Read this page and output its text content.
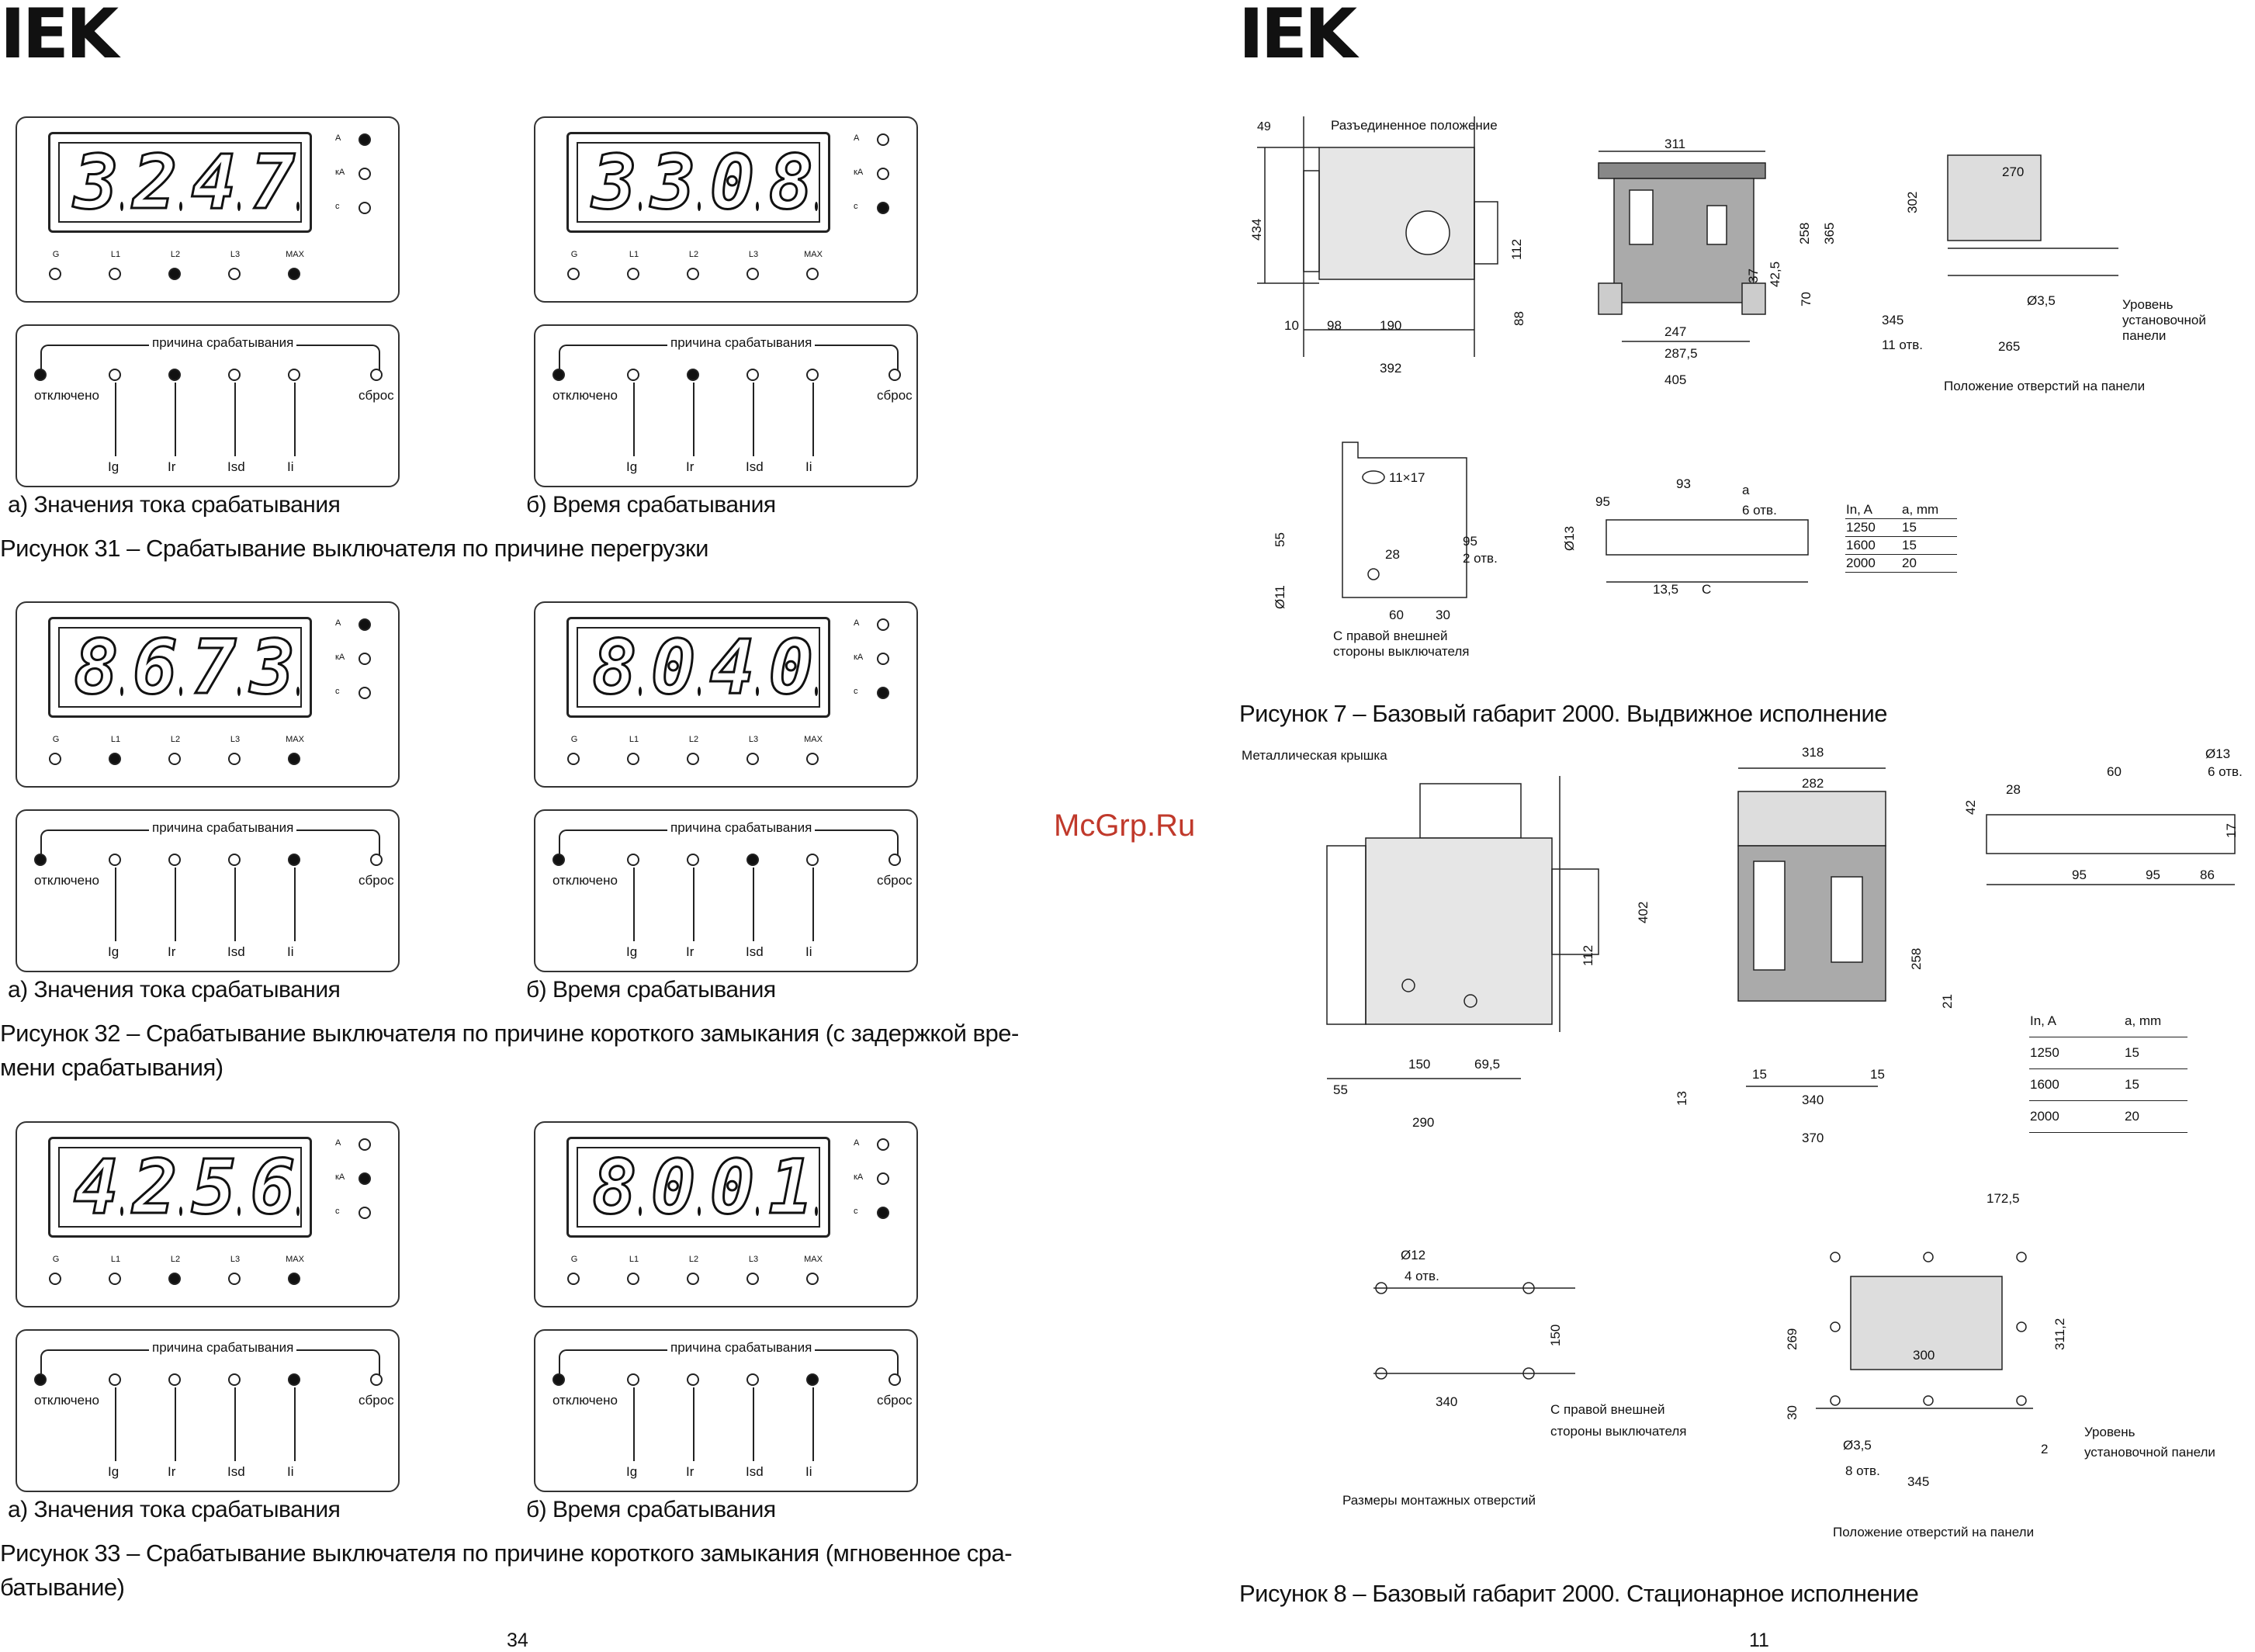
IEK
3 2 4 7
A
кА
c
G	L1	L2	L3	MAX
причина срабатывания
отключено	сброс
Ig	Ir	Isd	Ii
а) Значения тока срабатывания
3 3 0 8
A
кА
c
G	L1	L2	L3	MAX
причина срабатывания
отключено	сброс
Ig	Ir	Isd	Ii
б) Время срабатывания
Рисунок 31 – Срабатывание выключателя по причине перегрузки
8 6 7 3
A
кА
c
G	L1	L2	L3	MAX
причина срабатывания
отключено	сброс
Ig	Ir	Isd	Ii
а) Значения тока срабатывания
8 0 4 0
A
кА
c
G	L1	L2	L3	MAX
причина срабатывания
отключено	сброс
Ig	Ir	Isd	Ii
б) Время срабатывания
Рисунок 32 – Срабатывание выключателя по причине короткого замыкания (с задержкой вре-мени срабатывания)
4 2 5 6
A
кА
c
G	L1	L2	L3	MAX
причина срабатывания
отключено	сброс
Ig	Ir	Isd	Ii
а) Значения тока срабатывания
8 0 0 1
A
кА
c
G	L1	L2	L3	MAX
причина срабатывания
отключено	сброс
Ig	Ir	Isd	Ii
б) Время срабатывания
Рисунок 33 – Срабатывание выключателя по причине короткого замыкания (мгновенное сра-батывание)
34
McGrp.Ru
IEK
49	Разъединенное положение
434
10 98	190
392
112
88
311
247
287,5
405
258 365
37 42,5
70
270
302
Ø3,5
265
345
11 отв.
Уровень установочной панели
Положение отверстий на панели
11×17
55
28
95
2 отв.
Ø11
60 30
С правой внешней стороны выключателя
95
93	a
6 отв.
Ø13
13,5 C
In, A	a, mm
1250	15
1600	15
2000	20
Рисунок 7 – Базовый габарит 2000. Выдвижное исполнение
Металлическая крышка
402
112
55
150	69,5
290
318
282
258
21
13
15	15
340
370
28
60
42
17
95	95	86
Ø13
6 отв.
In, A	a, mm
1250	15
1600	15
2000	20
Ø12
4 отв.
150
340
С правой внешней стороны выключателя
Размеры монтажных отверстий
172,5
269	311,2
300
30
Ø3,5
8 отв.
2
345
Уровень установочной панели
Положение отверстий на панели
Рисунок 8 – Базовый габарит 2000. Стационарное исполнение
11
